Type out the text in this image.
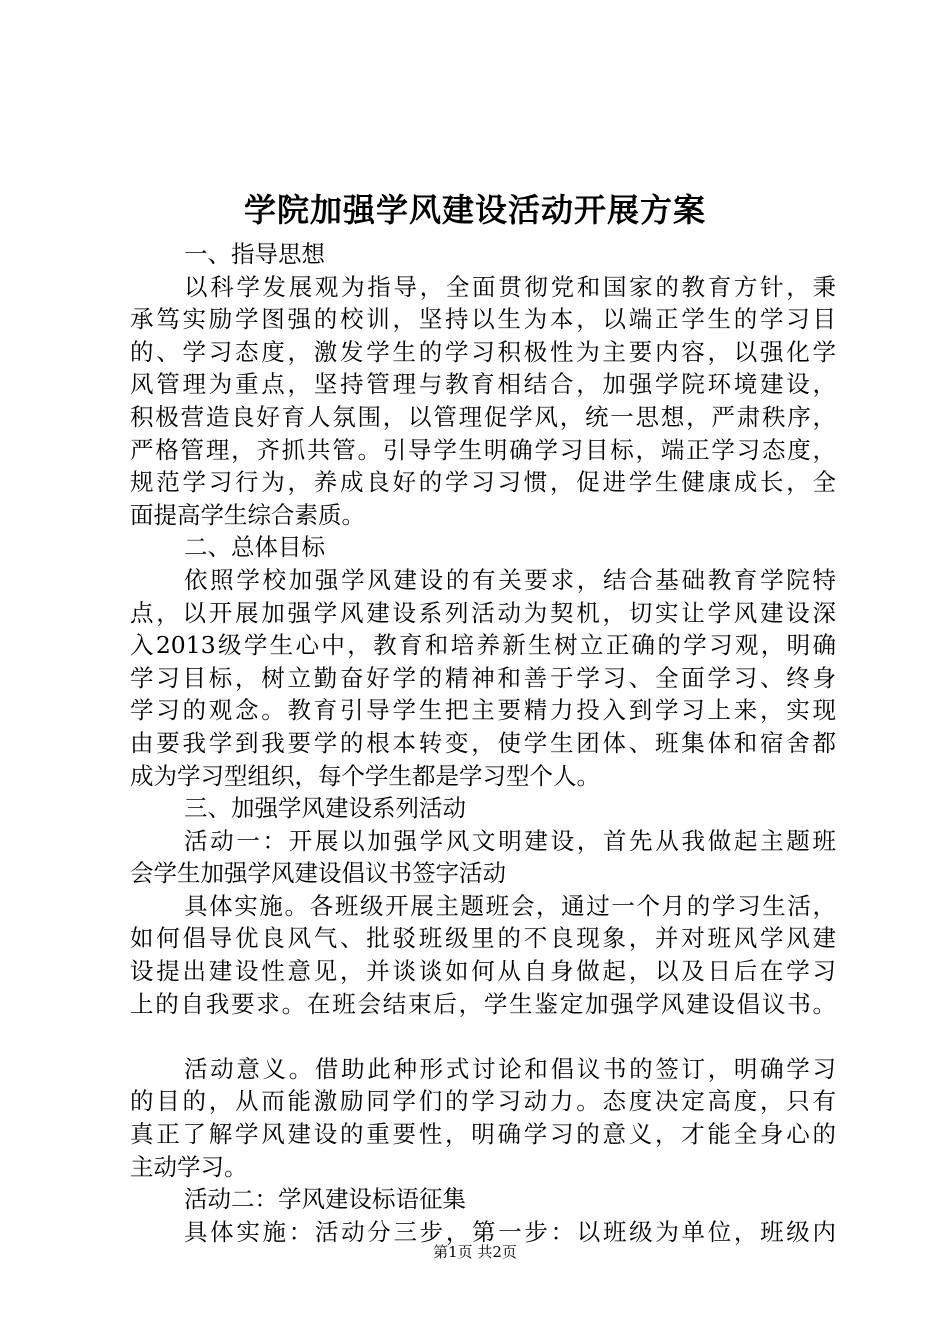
学院加强学风建设活动开展方案
一、指导思想
以科学发展观为指导，全面贯彻党和国家的教育方针，秉
承笃实励学图强的校训，坚持以生为本，以端正学生的学习目
的、学习态度，激发学生的学习积极性为主要内容，以强化学
风管理为重点，坚持管理与教育相结合，加强学院环境建设，
积极营造良好育人氛围，以管理促学风，统一思想，严肃秩序，
严格管理，齐抓共管。引导学生明确学习目标，端正学习态度，
规范学习行为，养成良好的学习习惯，促进学生健康成长，全
面提高学生综合素质。
二、总体目标
依照学校加强学风建设的有关要求，结合基础教育学院特
点，以开展加强学风建设系列活动为契机，切实让学风建设深
入2013级学生心中，教育和培养新生树立正确的学习观，明确
学习目标，树立勤奋好学的精神和善于学习、全面学习、终身
学习的观念。教育引导学生把主要精力投入到学习上来，实现
由要我学到我要学的根本转变，使学生团体、班集体和宿舍都
成为学习型组织，每个学生都是学习型个人。
三、加强学风建设系列活动
活动一：开展以加强学风文明建设，首先从我做起主题班
会学生加强学风建设倡议书签字活动
具体实施。各班级开展主题班会，通过一个月的学习生活，
如何倡导优良风气、批驳班级里的不良现象，并对班风学风建
设提出建设性意见，并谈谈如何从自身做起，以及日后在学习
上的自我要求。在班会结束后，学生鉴定加强学风建设倡议书。
活动意义。借助此种形式讨论和倡议书的签订，明确学习
的目的，从而能激励同学们的学习动力。态度决定高度，只有
真正了解学风建设的重要性，明确学习的意义，才能全身心的
主动学习。
活动二：学风建设标语征集
具体实施：活动分三步，第一步：以班级为单位，班级内
第1页 共2页
